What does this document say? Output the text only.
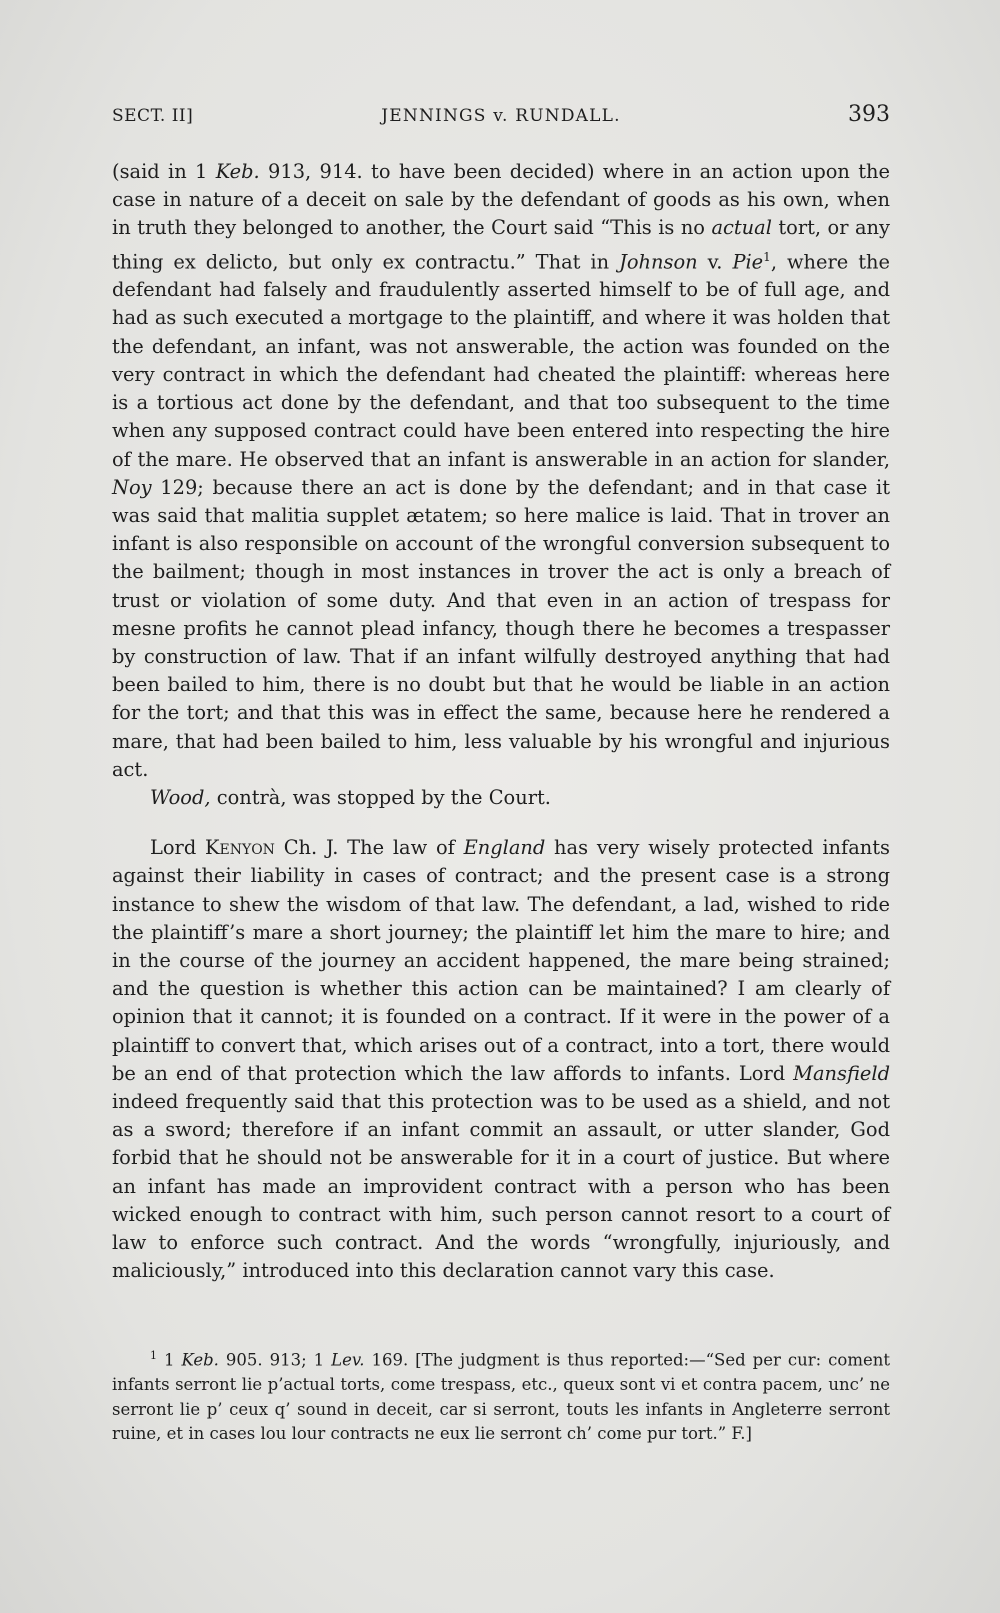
SECT. II]	JENNINGS v. RUNDALL.	393

(said in 1 Keb. 913, 914. to have been decided) where in an action upon the case in nature of a deceit on sale by the defendant of goods as his own, when in truth they belonged to another, the Court said “This is no actual tort, or any thing ex delicto, but only ex contractu.” That in Johnson v. Pie$^1$, where the defendant had falsely and fraudulently asserted himself to be of full age, and had as such executed a mortgage to the plaintiff, and where it was holden that the defendant, an infant, was not answerable, the action was founded on the very contract in which the defendant had cheated the plaintiff: whereas here is a tortious act done by the defendant, and that too subsequent to the time when any supposed contract could have been entered into respecting the hire of the mare. He observed that an infant is answerable in an action for slander, Noy 129; because there an act is done by the defendant; and in that case it was said that malitia supplet ætatem; so here malice is laid. That in trover an infant is also responsible on account of the wrongful conversion subsequent to the bailment; though in most instances in trover the act is only a breach of trust or violation of some duty. And that even in an action of trespass for mesne profits he cannot plead infancy, though there he becomes a trespasser by construction of law. That if an infant wilfully destroyed anything that had been bailed to him, there is no doubt but that he would be liable in an action for the tort; and that this was in effect the same, because here he rendered a mare, that had been bailed to him, less valuable by his wrongful and injurious act.

Wood, contrà, was stopped by the Court.

Lord Kenyon Ch. J. The law of England has very wisely protected infants against their liability in cases of contract; and the present case is a strong instance to shew the wisdom of that law. The defendant, a lad, wished to ride the plaintiff’s mare a short journey; the plaintiff let him the mare to hire; and in the course of the journey an accident happened, the mare being strained; and the question is whether this action can be maintained? I am clearly of opinion that it cannot; it is founded on a contract. If it were in the power of a plaintiff to convert that, which arises out of a contract, into a tort, there would be an end of that protection which the law affords to infants. Lord Mansfield indeed frequently said that this protection was to be used as a shield, and not as a sword; therefore if an infant commit an assault, or utter slander, God forbid that he should not be answerable for it in a court of justice. But where an infant has made an improvident contract with a person who has been wicked enough to contract with him, such person cannot resort to a court of law to enforce such contract. And the words “wrongfully, injuriously, and maliciously,” introduced into this declaration cannot vary this case.

$^1$ 1 Keb. 905. 913; 1 Lev. 169. [The judgment is thus reported:—“Sed per cur: coment infants serront lie p’actual torts, come trespass, etc., queux sont vi et contra pacem, unc’ ne serront lie p’ ceux q’ sound in deceit, car si serront, touts les infants in Angleterre serront ruine, et in cases lou lour contracts ne eux lie serront ch’ come pur tort.” F.]
